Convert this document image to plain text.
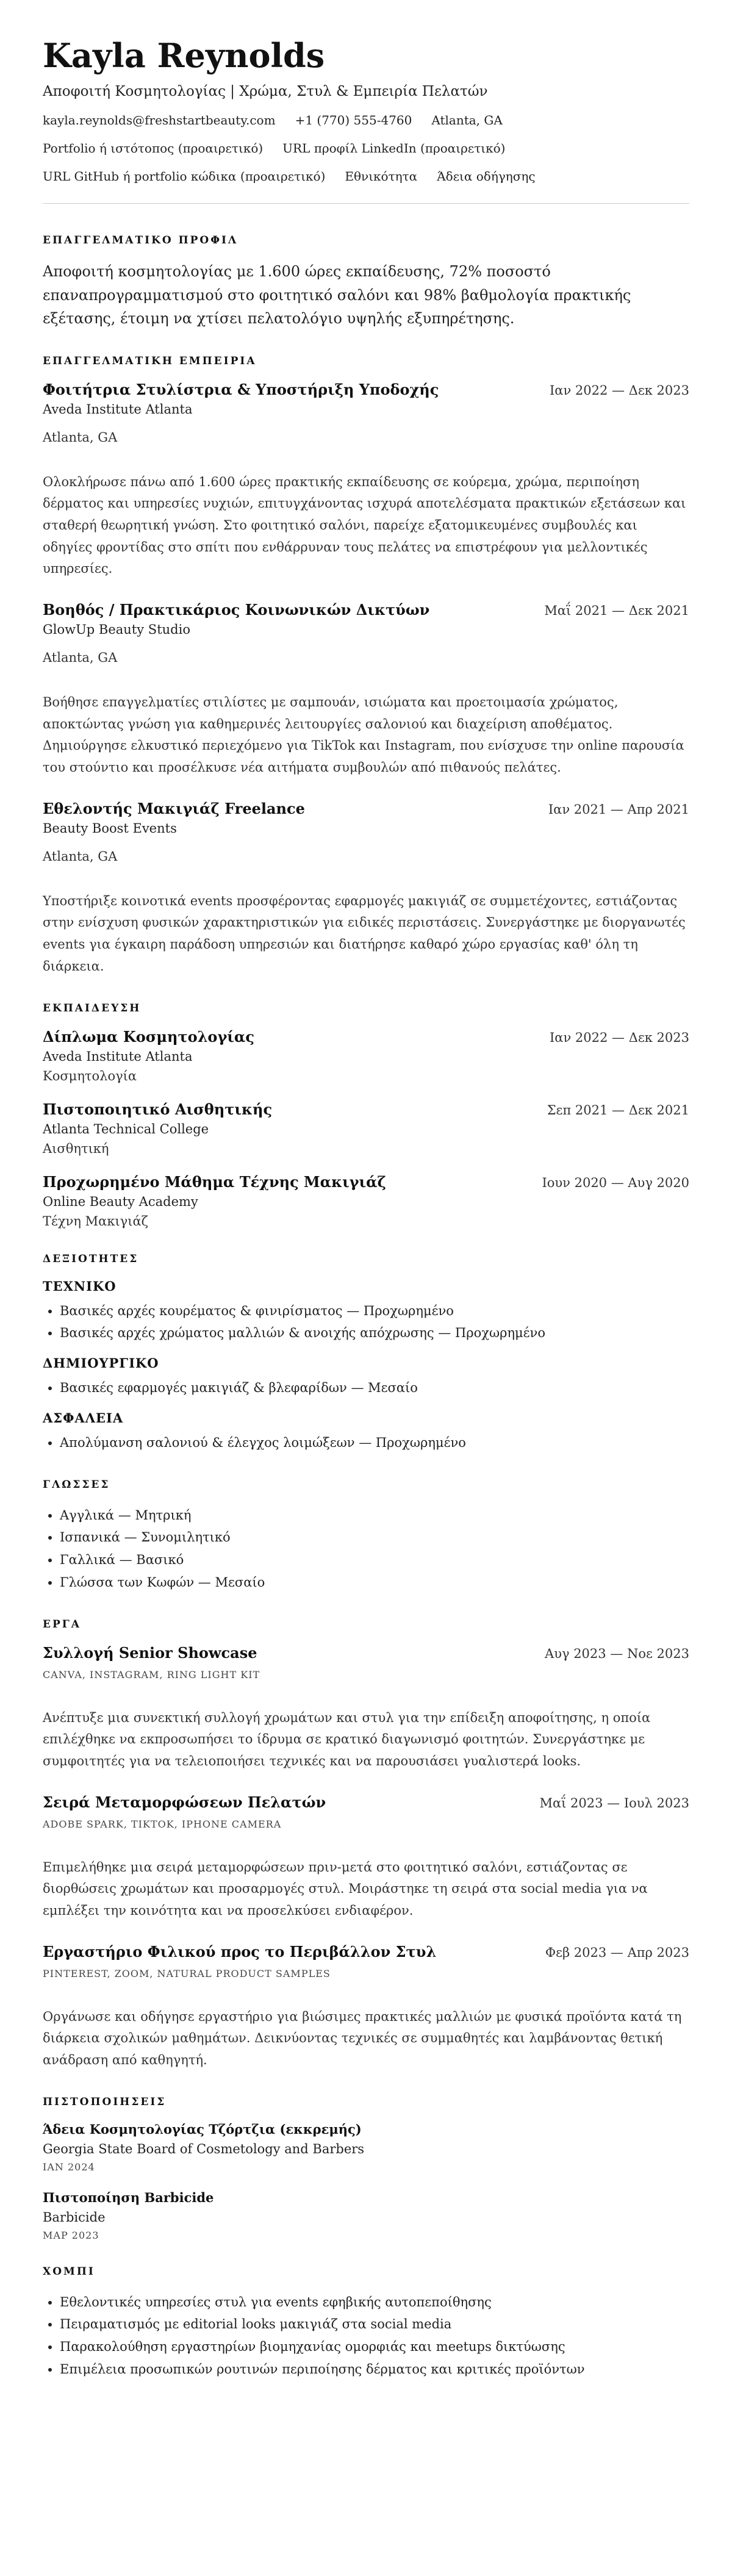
Kayla Reynolds
Αποφοιτή Κοσμητολογίας | Χρώμα, Στυλ & Εμπειρία Πελατών
kayla.reynolds@freshstartbeauty.com +1 (770) 555-4760 Atlanta, GA
Portfolio ή ιστότοπος (προαιρετικό) URL προφίλ LinkedIn (προαιρετικό)
URL GitHub ή portfolio κώδικα (προαιρετικό) Εθνικότητα Άδεια οδήγησης
ΕΠΑΓΓΕΛΜΑΤΙΚΟ ΠΡΟΦΙΛ
Αποφοιτή κοσμητολογίας με 1.600 ώρες εκπαίδευσης, 72% ποσοστό επαναπρογραμματισμού στο φοιτητικό σαλόνι και 98% βαθμολογία πρακτικής εξέτασης, έτοιμη να χτίσει πελατολόγιο υψηλής εξυπηρέτησης.
ΕΠΑΓΓΕΛΜΑΤΙΚΗ ΕΜΠΕΙΡΙΑ
Φοιτήτρια Στυλίστρια & Υποστήριξη Υποδοχής	Ιαν 2022 — Δεκ 2023
Aveda Institute Atlanta
Atlanta, GA
Ολοκλήρωσε πάνω από 1.600 ώρες πρακτικής εκπαίδευσης σε κούρεμα, χρώμα, περιποίηση δέρματος και υπηρεσίες νυχιών, επιτυγχάνοντας ισχυρά αποτελέσματα πρακτικών εξετάσεων και σταθερή θεωρητική γνώση. Στο φοιτητικό σαλόνι, παρείχε εξατομικευμένες συμβουλές και οδηγίες φροντίδας στο σπίτι που ενθάρρυναν τους πελάτες να επιστρέφουν για μελλοντικές υπηρεσίες.
Βοηθός / Πρακτικάριος Κοινωνικών Δικτύων	Μαΐ 2021 — Δεκ 2021
GlowUp Beauty Studio
Atlanta, GA
Βοήθησε επαγγελματίες στιλίστες με σαμπουάν, ισιώματα και προετοιμασία χρώματος, αποκτώντας γνώση για καθημερινές λειτουργίες σαλονιού και διαχείριση αποθέματος. Δημιούργησε ελκυστικό περιεχόμενο για TikTok και Instagram, που ενίσχυσε την online παρουσία του στούντιο και προσέλκυσε νέα αιτήματα συμβουλών από πιθανούς πελάτες.
Εθελοντής Μακιγιάζ Freelance	Ιαν 2021 — Απρ 2021
Beauty Boost Events
Atlanta, GA
Υποστήριξε κοινοτικά events προσφέροντας εφαρμογές μακιγιάζ σε συμμετέχοντες, εστιάζοντας στην ενίσχυση φυσικών χαρακτηριστικών για ειδικές περιστάσεις. Συνεργάστηκε με διοργανωτές events για έγκαιρη παράδοση υπηρεσιών και διατήρησε καθαρό χώρο εργασίας καθ' όλη τη διάρκεια.
ΕΚΠΑΙΔΕΥΣΗ
Δίπλωμα Κοσμητολογίας	Ιαν 2022 — Δεκ 2023
Aveda Institute Atlanta
Κοσμητολογία
Πιστοποιητικό Αισθητικής	Σεπ 2021 — Δεκ 2021
Atlanta Technical College
Αισθητική
Προχωρημένο Μάθημα Τέχνης Μακιγιάζ	Ιουν 2020 — Αυγ 2020
Online Beauty Academy
Τέχνη Μακιγιάζ
ΔΕΞΙΟΤΗΤΕΣ
ΤΕΧΝΙΚΟ
• Βασικές αρχές κουρέματος & φινιρίσματος — Προχωρημένο
• Βασικές αρχές χρώματος μαλλιών & ανοιχής απόχρωσης — Προχωρημένο
ΔΗΜΙΟΥΡΓΙΚΟ
• Βασικές εφαρμογές μακιγιάζ & βλεφαρίδων — Μεσαίο
ΑΣΦΑΛΕΙΑ
• Απολύμανση σαλονιού & έλεγχος λοιμώξεων — Προχωρημένο
ΓΛΩΣΣΕΣ
• Αγγλικά — Μητρική
• Ισπανικά — Συνομιλητικό
• Γαλλικά — Βασικό
• Γλώσσα των Κωφών — Μεσαίο
ΕΡΓΑ
Συλλογή Senior Showcase	Αυγ 2023 — Νοε 2023
CANVA, INSTAGRAM, RING LIGHT KIT
Ανέπτυξε μια συνεκτική συλλογή χρωμάτων και στυλ για την επίδειξη αποφοίτησης, η οποία επιλέχθηκε να εκπροσωπήσει το ίδρυμα σε κρατικό διαγωνισμό φοιτητών. Συνεργάστηκε με συμφοιτητές για να τελειοποιήσει τεχνικές και να παρουσιάσει γυαλιστερά looks.
Σειρά Μεταμορφώσεων Πελατών	Μαΐ 2023 — Ιουλ 2023
ADOBE SPARK, TIKTOK, IPHONE CAMERA
Επιμελήθηκε μια σειρά μεταμορφώσεων πριν-μετά στο φοιτητικό σαλόνι, εστιάζοντας σε διορθώσεις χρωμάτων και προσαρμογές στυλ. Μοιράστηκε τη σειρά στα social media για να εμπλέξει την κοινότητα και να προσελκύσει ενδιαφέρον.
Εργαστήριο Φιλικού προς το Περιβάλλον Στυλ	Φεβ 2023 — Απρ 2023
PINTEREST, ZOOM, NATURAL PRODUCT SAMPLES
Οργάνωσε και οδήγησε εργαστήριο για βιώσιμες πρακτικές μαλλιών με φυσικά προϊόντα κατά τη διάρκεια σχολικών μαθημάτων. Δεικνύοντας τεχνικές σε συμμαθητές και λαμβάνοντας θετική ανάδραση από καθηγητή.
ΠΙΣΤΟΠΟΙΗΣΕΙΣ
Άδεια Κοσμητολογίας Τζόρτζια (εκκρεμής)
Georgia State Board of Cosmetology and Barbers
ΙΑΝ 2024
Πιστοποίηση Barbicide
Barbicide
ΜΑΡ 2023
ΧΟΜΠΙ
• Εθελοντικές υπηρεσίες στυλ για events εφηβικής αυτοπεποίθησης
• Πειραματισμός με editorial looks μακιγιάζ στα social media
• Παρακολούθηση εργαστηρίων βιομηχανίας ομορφιάς και meetups δικτύωσης
• Επιμέλεια προσωπικών ρουτινών περιποίησης δέρματος και κριτικές προϊόντων
